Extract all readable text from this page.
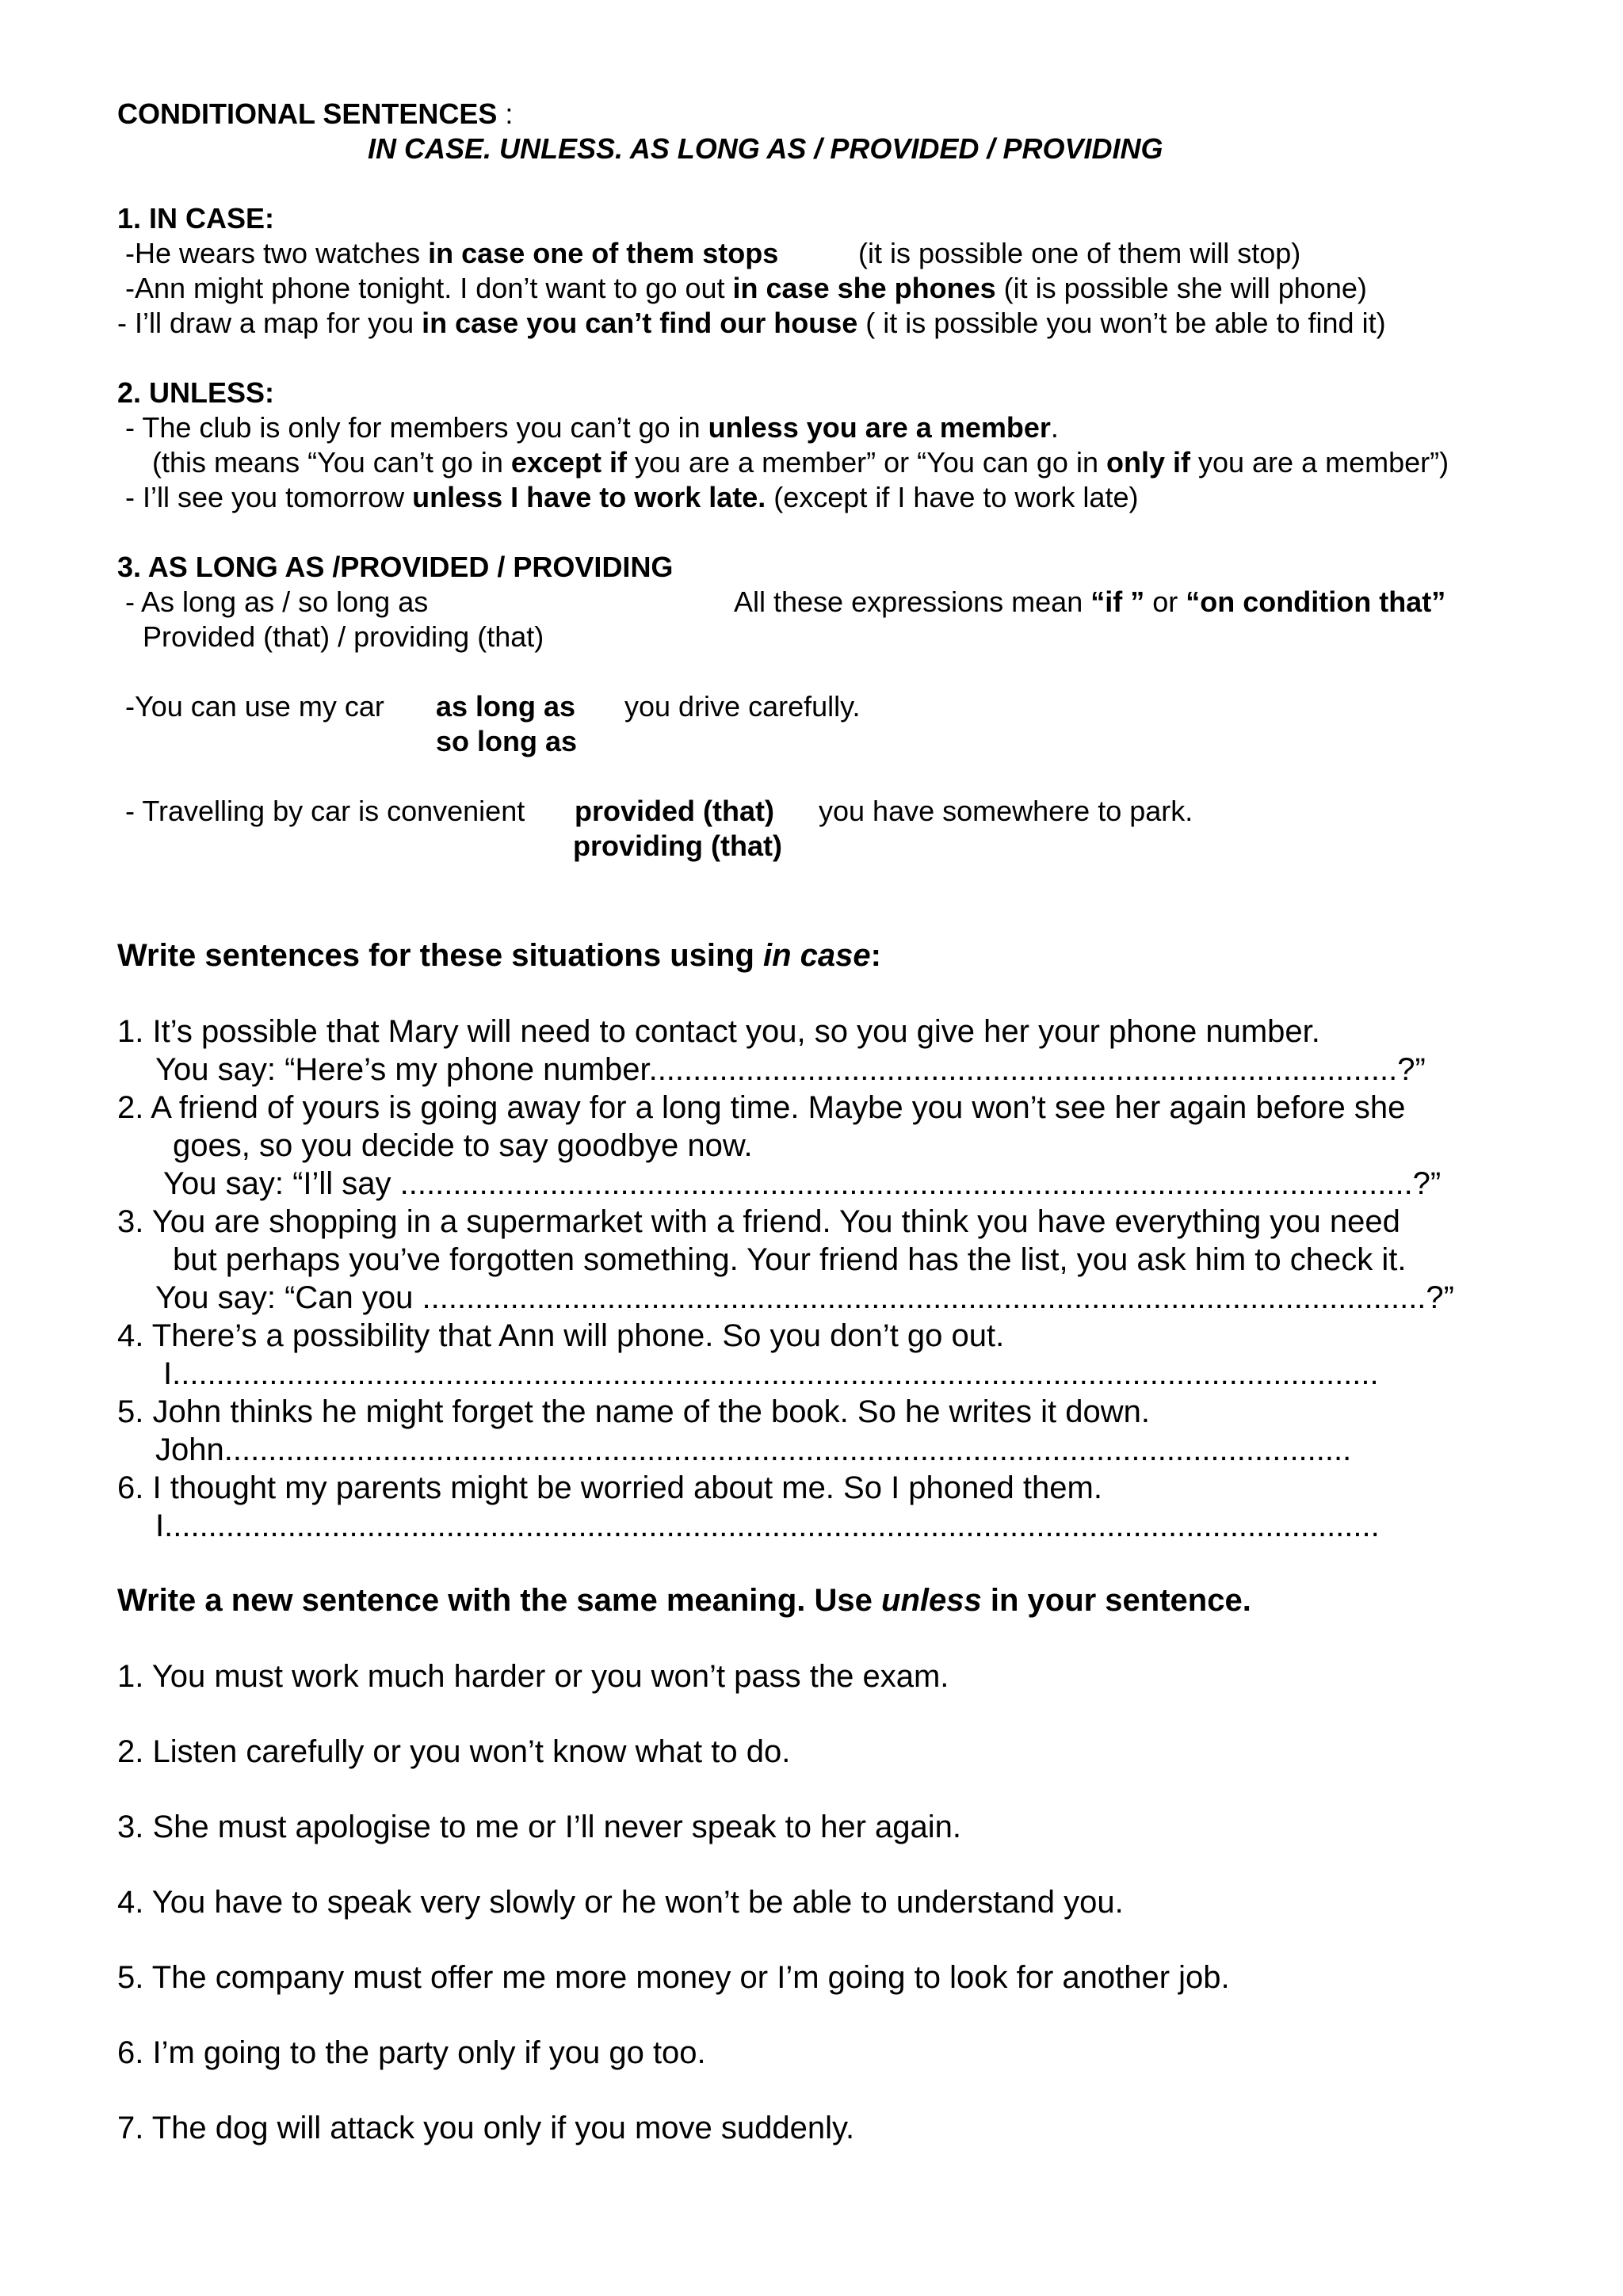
CONDITIONAL SENTENCES :
IN CASE. UNLESS. AS LONG AS / PROVIDED / PROVIDING
1. IN CASE:
-He wears two watches in case one of them stops	(it is possible one of them will stop)
-Ann might phone tonight. I don’t want to go out in case she phones (it is possible she will phone)
- I’ll draw a map for you in case you can’t find our house ( it is possible you won’t be able to find it)
2. UNLESS:
- The club is only for members you can’t go in unless you are a member.
(this means “You can’t go in except if you are a member” or “You can go in only if you are a member”)
- I’ll see you tomorrow unless I have to work late. (except if I have to work late)
3. AS LONG AS /PROVIDED / PROVIDING
- As long as / so long as	All these expressions mean “if ” or “on condition that”
Provided (that) / providing (that)
-You can use my car as long as you drive carefully.
so long as
- Travelling by car is convenient provided (that) you have somewhere to park.
providing (that)
Write sentences for these situations using in case:
1. It’s possible that Mary will need to contact you, so you give her your phone number.
You say: “Here’s my phone number.....................................................................................?”
2. A friend of yours is going away for a long time. Maybe you won’t see her again before she
goes, so you decide to say goodbye now.
You say: “I’ll say ...................................................................................................................?”
3. You are shopping in a supermarket with a friend. You think you have everything you need
but perhaps you’ve forgotten something. Your friend has the list, you ask him to check it.
You say: “Can you ..................................................................................................................?”
4. There’s a possibility that Ann will phone. So you don’t go out.
I.........................................................................................................................................
5. John thinks he might forget the name of the book. So he writes it down.
John................................................................................................................................
6. I thought my parents might be worried about me. So I phoned them.
I..........................................................................................................................................
Write a new sentence with the same meaning. Use unless in your sentence.
1. You must work much harder or you won’t pass the exam.
2. Listen carefully or you won’t know what to do.
3. She must apologise to me or I’ll never speak to her again.
4. You have to speak very slowly or he won’t be able to understand you.
5. The company must offer me more money or I’m going to look for another job.
6. I’m going to the party only if you go too.
7. The dog will attack you only if you move suddenly.
